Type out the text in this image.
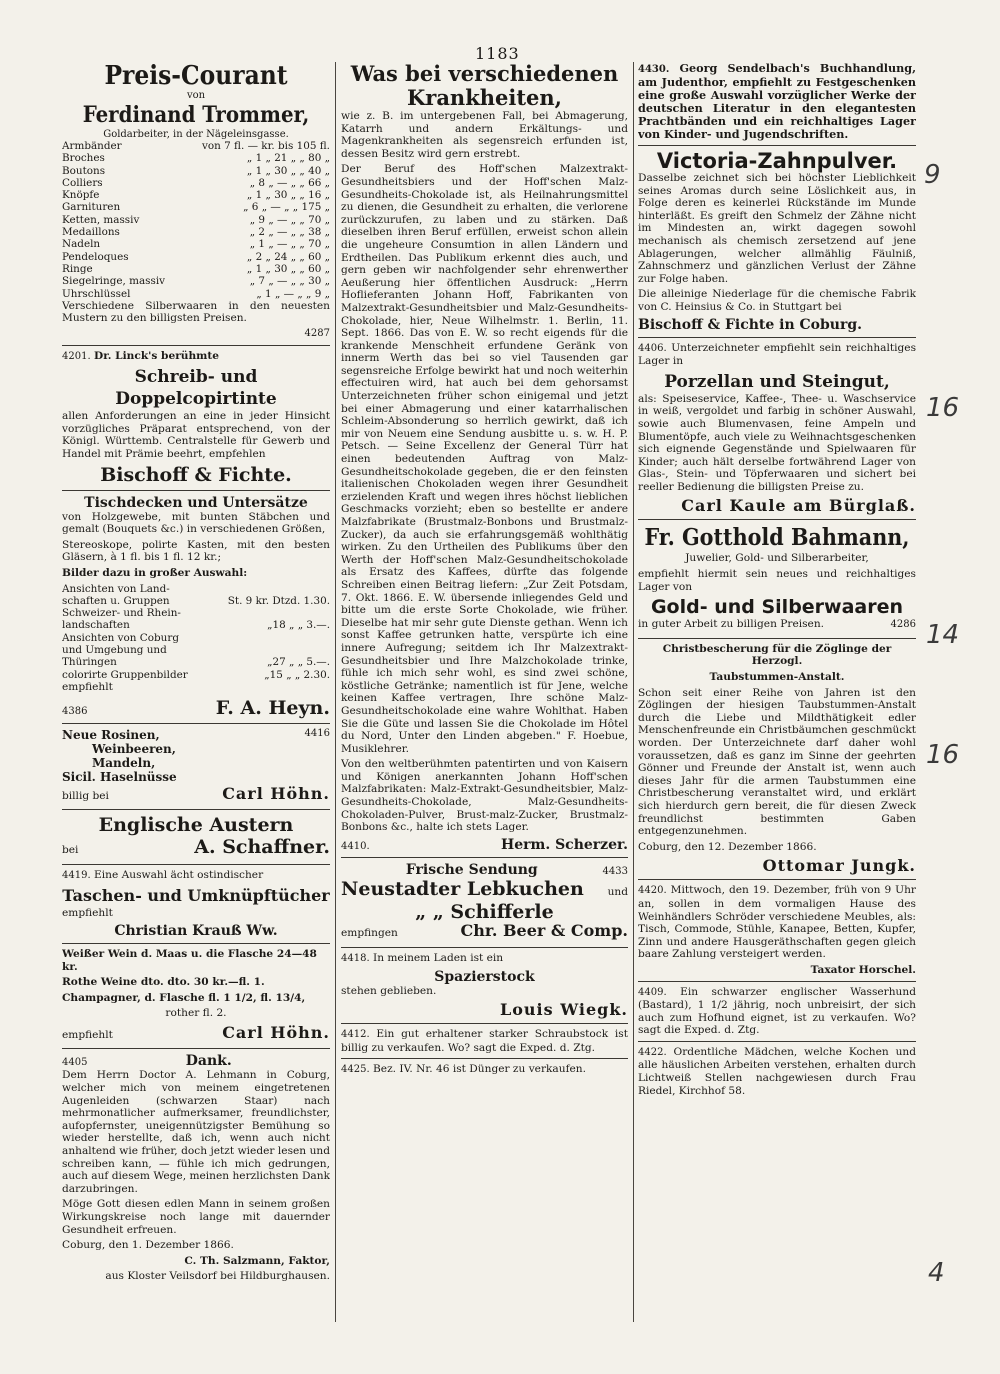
1183
Preis-Courant
von
Ferdinand Trommer,
Goldarbeiter, in der Nägeleinsgasse.
Armbänder	von 7 fl. — kr. bis 105 fl.
Broches	„ 1 „ 21 „ „ 80 „
Boutons	„ 1 „ 30 „ „ 40 „
Colliers	„ 8 „ — „ „ 66 „
Knöpfe	„ 1 „ 30 „ „ 16 „
Garnituren	„ 6 „ — „ „ 175 „
Ketten, massiv	„ 9 „ — „ „ 70 „
Medaillons	„ 2 „ — „ „ 38 „
Nadeln	„ 1 „ — „ „ 70 „
Pendeloques	„ 2 „ 24 „ „ 60 „
Ringe	„ 1 „ 30 „ „ 60 „
Siegelringe, massiv	„ 7 „ — „ „ 30 „
Uhrschlüssel	„ 1 „ — „ „ 9 „
Verschiedene Silberwaaren in den neuesten Mustern zu den billigsten Preisen.
4287
4201. Dr. Linck's berühmte
Schreib- und Doppelcopirtinte
allen Anforderungen an eine in jeder Hinsicht vorzügliches Präparat entsprechend, von der Königl. Württemb. Centralstelle für Gewerb und Handel mit Prämie beehrt, empfehlen
Bischoff & Fichte.
Tischdecken und Untersätze
von Holzgewebe, mit bunten Stäbchen und gemalt (Bouquets &c.) in verschiedenen Größen,
Stereoskope, polirte Kasten, mit den besten Gläsern, à 1 fl. bis 1 fl. 12 kr.;
Bilder dazu in großer Auswahl:
Ansichten von Land-	
schaften u. Gruppen	St. 9 kr. Dtzd. 1.30.
Schweizer- und Rhein-	
landschaften	„18 „ „ 3.—.
Ansichten von Coburg	
und Umgebung und	
Thüringen	„27 „ „ 5.—.
colorirte Gruppenbilder	„15 „ „ 2.30.
empfiehlt
4386	F. A. Heyn.
Neue Rosinen,
Weinbeeren,
Mandeln,
Sicil. Haselnüsse
4416
billig bei	Carl Höhn.
Englische Austern
bei	A. Schaffner.
4419. Eine Auswahl ächt ostindischer
Taschen- und Umknüpftücher
empfiehlt
Christian Krauß Ww.
Weißer Wein d. Maas u. die Flasche 24—48 kr.
Rothe Weine dto. dto. 30 kr.—fl. 1.
Champagner, d. Flasche fl. 1 1/2, fl. 13/4,
rother fl. 2.
empfiehlt	Carl Höhn.
4405	Dank.
Dem Herrn Doctor A. Lehmann in Coburg, welcher mich von meinem eingetretenen Augenleiden (schwarzen Staar) nach mehrmonatlicher aufmerksamer, freundlichster, aufopfernster, uneigennützigster Bemühung so wieder herstellte, daß ich, wenn auch nicht anhaltend wie früher, doch jetzt wieder lesen und schreiben kann, — fühle ich mich gedrungen, auch auf diesem Wege, meinen herzlichsten Dank darzubringen.
Möge Gott diesen edlen Mann in seinem großen Wirkungskreise noch lange mit dauernder Gesundheit erfreuen.
Coburg, den 1. Dezember 1866.
C. Th. Salzmann, Faktor,
aus Kloster Veilsdorf bei Hildburghausen.
Was bei verschiedenen Krankheiten,
wie z. B. im untergebenen Fall, bei Abmagerung, Katarrh und andern Erkältungs- und Magenkrankheiten als segensreich erfunden ist, dessen Besitz wird gern erstrebt.
Der Beruf des Hoff'schen Malzextrakt-Gesundheitsbiers und der Hoff'schen Malz-Gesundheits-Chokolade ist, als Heilnahrungsmittel zu dienen, die Gesundheit zu erhalten, die verlorene zurückzurufen, zu laben und zu stärken. Daß dieselben ihren Beruf erfüllen, erweist schon allein die ungeheure Consumtion in allen Ländern und Erdtheilen. Das Publikum erkennt dies auch, und gern geben wir nachfolgender sehr ehrenwerther Aeußerung hier öffentlichen Ausdruck: „Herrn Hoflieferanten Johann Hoff, Fabrikanten von Malzextrakt-Gesundheitsbier und Malz-Gesundheits-Chokolade, hier, Neue Wilhelmstr. 1. Berlin, 11. Sept. 1866. Das von E. W. so recht eigends für die krankende Menschheit erfundene Geränk von innerm Werth das bei so viel Tausenden gar segensreiche Erfolge bewirkt hat und noch weiterhin effectuiren wird, hat auch bei dem gehorsamst Unterzeichneten früher schon einigemal und jetzt bei einer Abmagerung und einer katarrhalischen Schleim-Absonderung so herrlich gewirkt, daß ich mir von Neuem eine Sendung ausbitte u. s. w. H. P. Petsch. — Seine Excellenz der General Türr hat einen bedeutenden Auftrag von Malz-Gesundheitschokolade gegeben, die er den feinsten italienischen Chokoladen wegen ihrer Gesundheit erzielenden Kraft und wegen ihres höchst lieblichen Geschmacks vorzieht; eben so bestellte er andere Malzfabrikate (Brustmalz-Bonbons und Brustmalz-Zucker), da auch sie erfahrungsgemäß wohlthätig wirken. Zu den Urtheilen des Publikums über den Werth der Hoff'schen Malz-Gesundheitschokolade als Ersatz des Kaffees, dürfte das folgende Schreiben einen Beitrag liefern: „Zur Zeit Potsdam, 7. Okt. 1866. E. W. übersende inliegendes Geld und bitte um die erste Sorte Chokolade, wie früher. Dieselbe hat mir sehr gute Dienste gethan. Wenn ich sonst Kaffee getrunken hatte, verspürte ich eine innere Aufregung; seitdem ich Ihr Malzextrakt-Gesundheitsbier und Ihre Malzchokolade trinke, fühle ich mich sehr wohl, es sind zwei schöne, köstliche Getränke; namentlich ist für Jene, welche keinen Kaffee vertragen, Ihre schöne Malz-Gesundheitschokolade eine wahre Wohlthat. Haben Sie die Güte und lassen Sie die Chokolade im Hôtel du Nord, Unter den Linden abgeben." F. Hoebue, Musiklehrer.
Von den weltberühmten patentirten und von Kaisern und Königen anerkannten Johann Hoff'schen Malzfabrikaten: Malz-Extrakt-Gesundheitsbier, Malz-Gesundheits-Chokolade, Malz-Gesundheits-Chokoladen-Pulver, Brust-malz-Zucker, Brustmalz-Bonbons &c., halte ich stets Lager.
4410.	Herm. Scherzer.
Frische Sendung	4433
Neustadter Lebkuchen und
„ „ Schifferle
empfingen	Chr. Beer & Comp.
4418. In meinem Laden ist ein
Spazierstock
stehen geblieben.
Louis Wiegk.
4412. Ein gut erhaltener starker Schraubstock ist billig zu verkaufen. Wo? sagt die Exped. d. Ztg.
4425. Bez. IV. Nr. 46 ist Dünger zu verkaufen.
4430. Georg Sendelbach's Buchhandlung, am Judenthor, empfiehlt zu Festgeschenken eine große Auswahl vorzüglicher Werke der deutschen Literatur in den elegantesten Prachtbänden und ein reichhaltiges Lager von Kinder- und Jugendschriften.
Victoria-Zahnpulver.
Dasselbe zeichnet sich bei höchster Lieblichkeit seines Aromas durch seine Löslichkeit aus, in Folge deren es keinerlei Rückstände im Munde hinterläßt. Es greift den Schmelz der Zähne nicht im Mindesten an, wirkt dagegen sowohl mechanisch als chemisch zersetzend auf jene Ablagerungen, welcher allmählig Fäulniß, Zahnschmerz und gänzlichen Verlust der Zähne zur Folge haben.
Die alleinige Niederlage für die chemische Fabrik von C. Heinsius & Co. in Stuttgart bei
Bischoff & Fichte in Coburg.
4406. Unterzeichneter empfiehlt sein reichhaltiges Lager in
Porzellan und Steingut,
als: Speiseservice, Kaffee-, Thee- u. Waschservice in weiß, vergoldet und farbig in schöner Auswahl, sowie auch Blumenvasen, feine Ampeln und Blumentöpfe, auch viele zu Weihnachtsgeschenken sich eignende Gegenstände und Spielwaaren für Kinder; auch hält derselbe fortwährend Lager von Glas-, Stein- und Töpferwaaren und sichert bei reeller Bedienung die billigsten Preise zu.
Carl Kaule am Bürglaß.
Fr. Gotthold Bahmann,
Juwelier, Gold- und Silberarbeiter,
empfiehlt hiermit sein neues und reichhaltiges Lager von
Gold- und Silberwaaren
in guter Arbeit zu billigen Preisen.	4286
Christbescherung für die Zöglinge der Herzogl.
Taubstummen-Anstalt.
Schon seit einer Reihe von Jahren ist den Zöglingen der hiesigen Taubstummen-Anstalt durch die Liebe und Mildthätigkeit edler Menschenfreunde ein Christbäumchen geschmückt worden. Der Unterzeichnete darf daher wohl voraussetzen, daß es ganz im Sinne der geehrten Gönner und Freunde der Anstalt ist, wenn auch dieses Jahr für die armen Taubstummen eine Christbescherung veranstaltet wird, und erklärt sich hierdurch gern bereit, die für diesen Zweck freundlichst bestimmten Gaben entgegenzunehmen.
Coburg, den 12. Dezember 1866.
Ottomar Jungk.
4420. Mittwoch, den 19. Dezember, früh von 9 Uhr an, sollen in dem vormaligen Hause des Weinhändlers Schröder verschiedene Meubles, als: Tisch, Commode, Stühle, Kanapee, Betten, Kupfer, Zinn und andere Hausgeräthschaften gegen gleich baare Zahlung versteigert werden.
Taxator Horschel.
4409. Ein schwarzer englischer Wasserhund (Bastard), 1 1/2 jährig, noch unbreisirt, der sich auch zum Hofhund eignet, ist zu verkaufen. Wo? sagt die Exped. d. Ztg.
4422. Ordentliche Mädchen, welche Kochen und alle häuslichen Arbeiten verstehen, erhalten durch Lichtweiß Stellen nachgewiesen durch Frau Riedel, Kirchhof 58.
9
16
14
16
4
